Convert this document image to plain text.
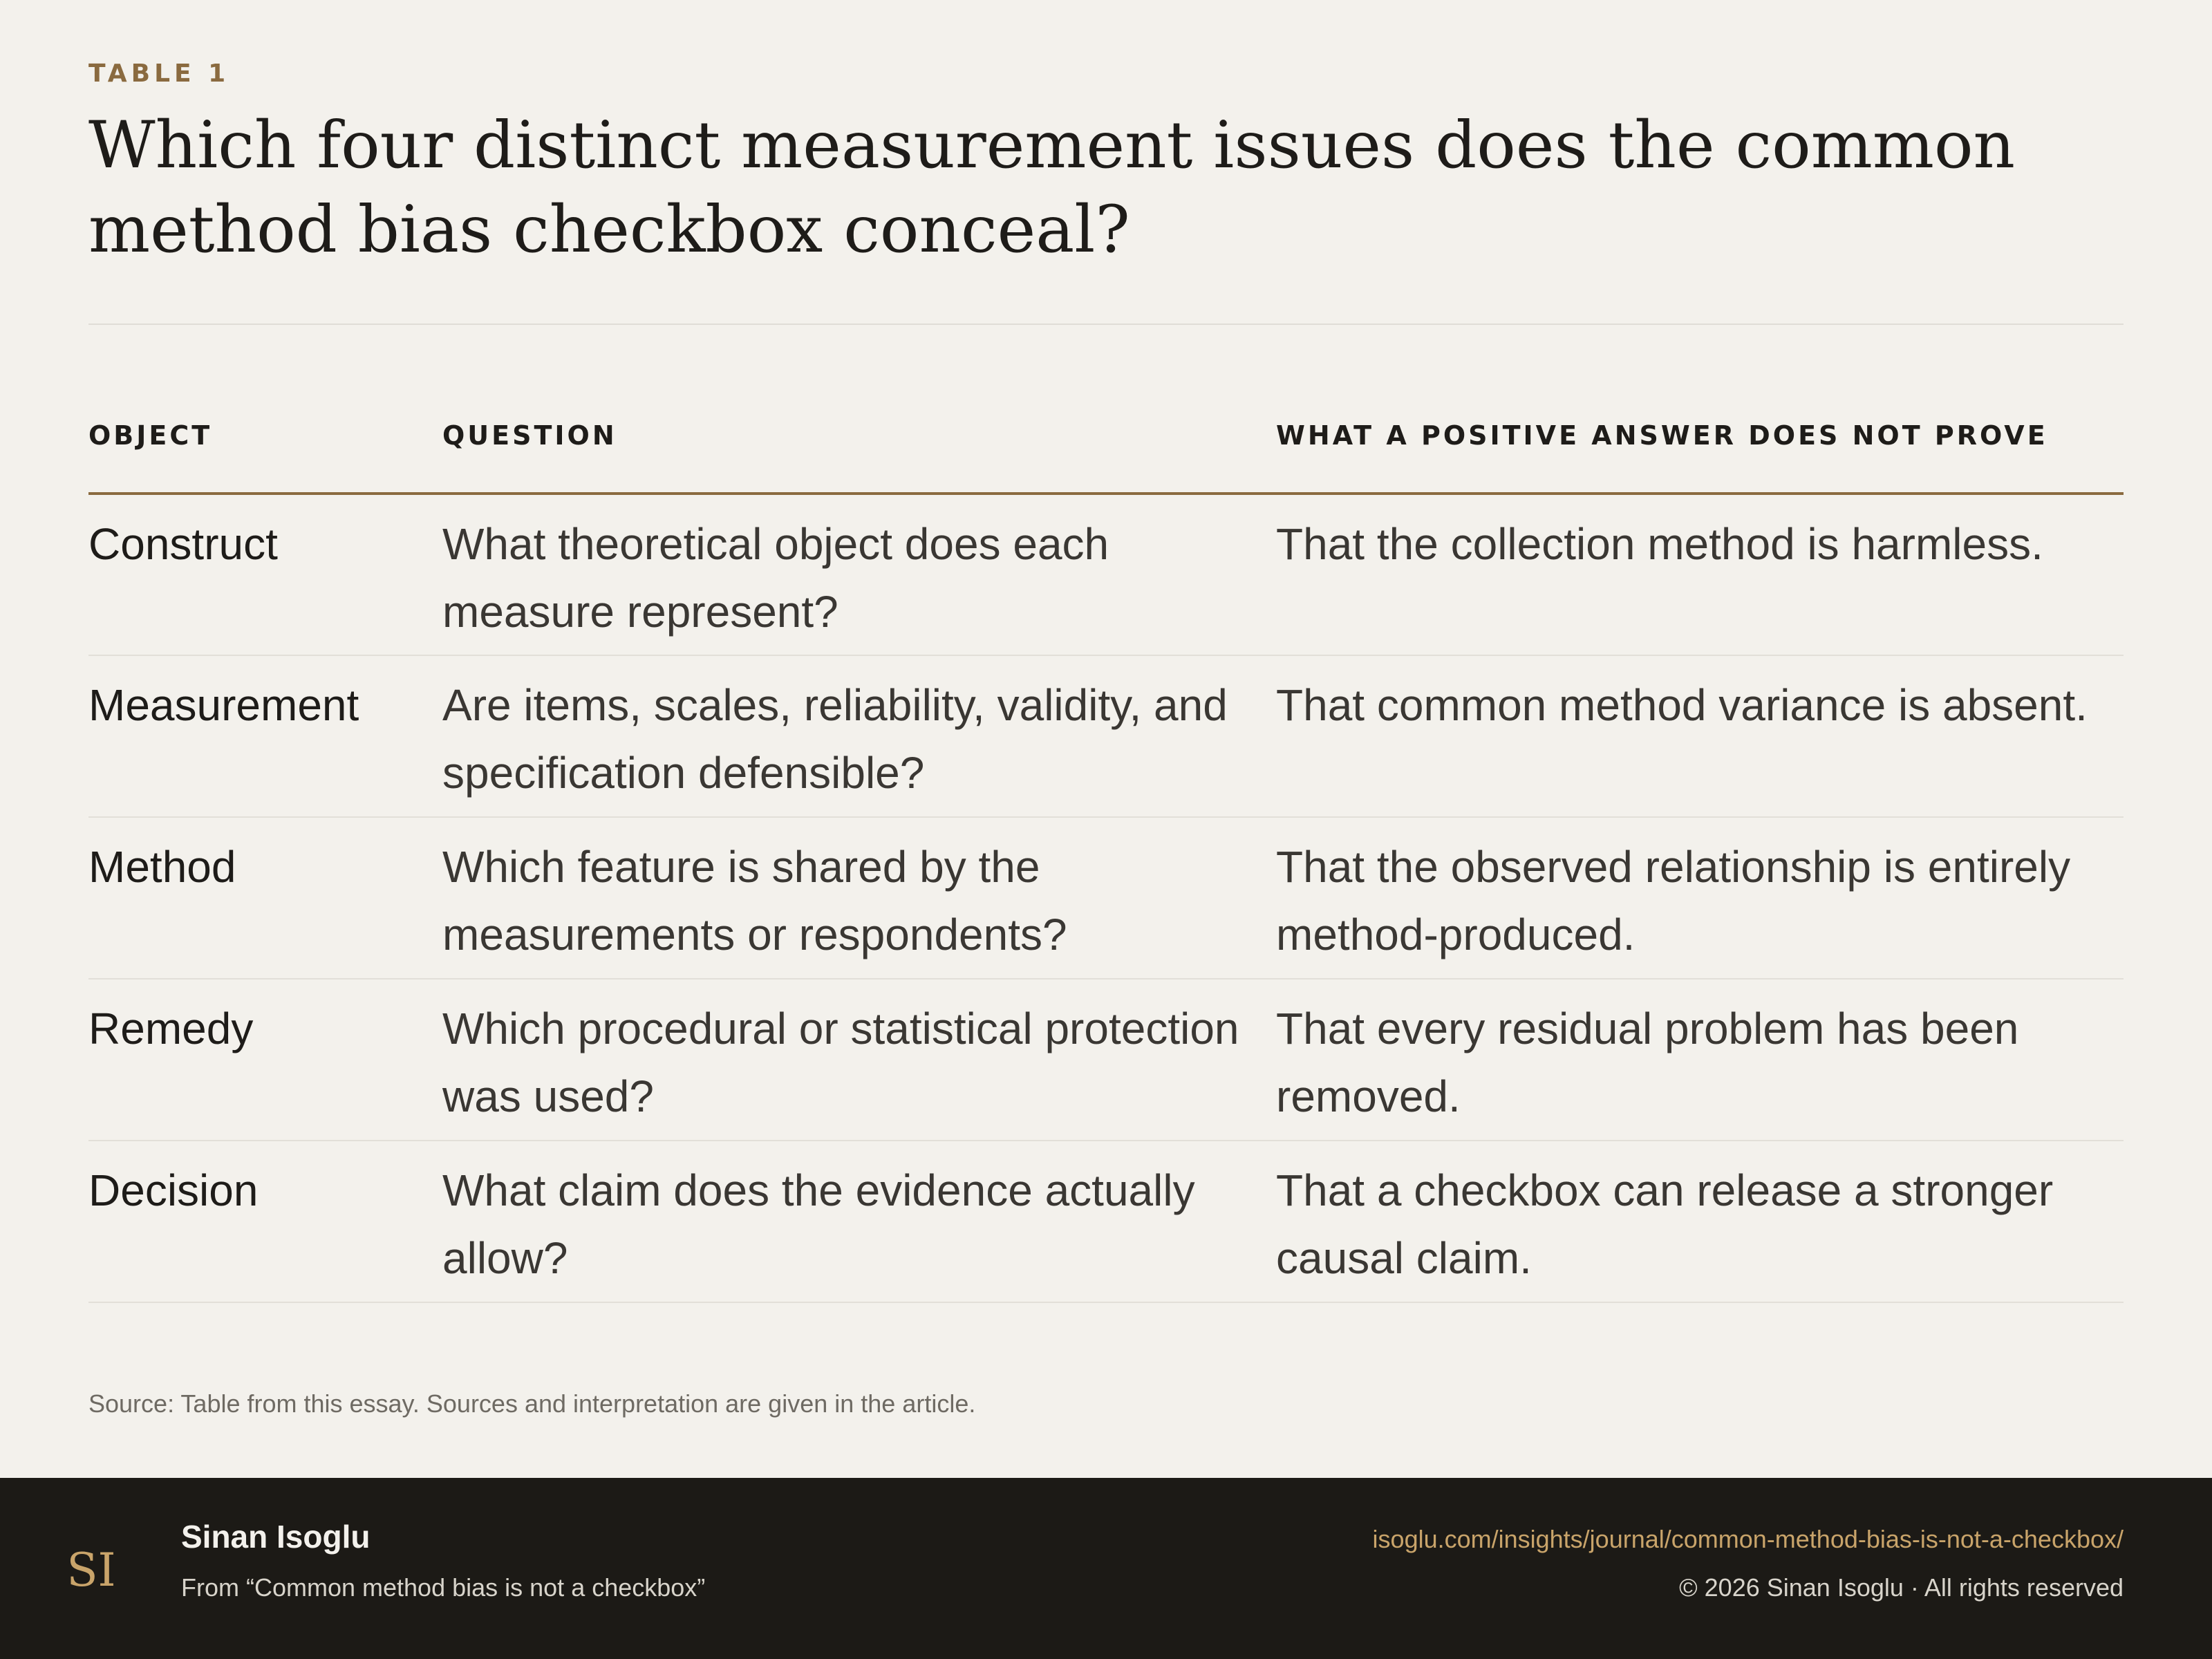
TABLE 1
Which four distinct measurement issues does the common method bias checkbox conceal?
OBJECT	QUESTION	WHAT A POSITIVE ANSWER DOES NOT PROVE
Construct	What theoretical object does each measure represent?	That the collection method is harmless.
Measurement	Are items, scales, reliability, validity, and specification defensible?	That common method variance is absent.
Method	Which feature is shared by the measurements or respondents?	That the observed relationship is entirely method-produced.
Remedy	Which procedural or statistical protection was used?	That every residual problem has been removed.
Decision	What claim does the evidence actually allow?	That a checkbox can release a stronger causal claim.
Source: Table from this essay. Sources and interpretation are given in the article.
SI
Sinan Isoglu
From “Common method bias is not a checkbox”
isoglu.com/insights/journal/common-method-bias-is-not-a-checkbox/
© 2026 Sinan Isoglu · All rights reserved
